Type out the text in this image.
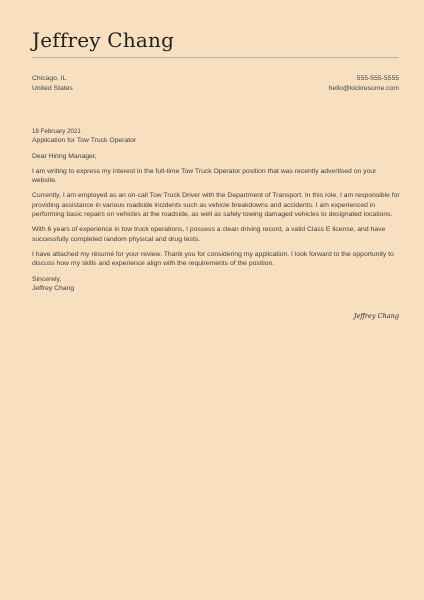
Jeffrey Chang
Chicago, IL
United States
555-555-5555
hello@kickresume.com
18 February 2021
Application for Tow Truck Operator

Dear Hiring Manager,

I am writing to express my interest in the full-time Tow Truck Operator position that was recently advertised on your website.

Currently, I am employed as an on-call Tow Truck Driver with the Department of Transport. In this role, I am responsible for providing assistance in various roadside incidents such as vehicle breakdowns and accidents. I am experienced in performing basic repairs on vehicles at the roadside, as well as safely towing damaged vehicles to designated locations.

With 6 years of experience in tow truck operations, I possess a clean driving record, a valid Class E license, and have successfully completed random physical and drug tests.

I have attached my résumé for your review. Thank you for considering my application. I look forward to the opportunity to discuss how my skills and experience align with the requirements of the position.

Sincerely,
Jeffrey Chang
Jeffrey Chang
